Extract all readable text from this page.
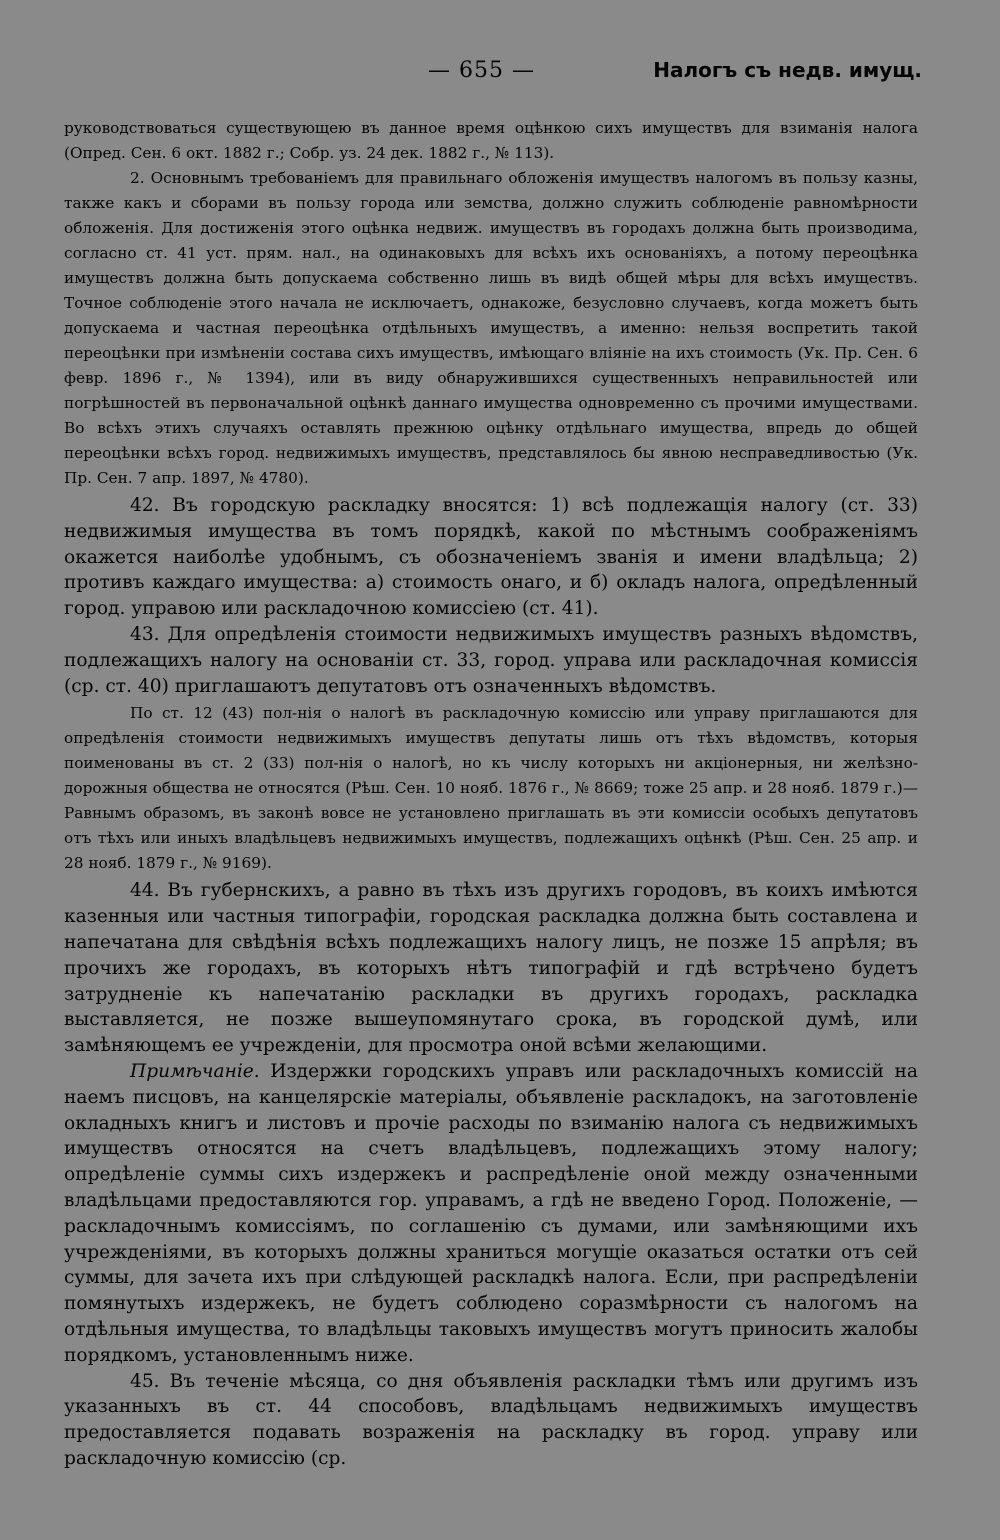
— 655 —	Налогъ съ недв. имущ.

руководствоваться существующею въ данное время оцѣнкою сихъ имуществъ для взиманія налога (Опред. Сен. 6 окт. 1882 г.; Собр. уз. 24 дек. 1882 г., № 113).

2. Основнымъ требованіемъ для правильнаго обложенія имуществъ налогомъ въ пользу казны, также какъ и сборами въ пользу города или земства, должно служить соблюденіе равномѣрности обложенія. Для достиженія этого оцѣнка недвиж. имуществъ въ городахъ должна быть производима, согласно ст. 41 уст. прям. нал., на одинаковыхъ для всѣхъ ихъ основаніяхъ, а потому переоцѣнка имуществъ должна быть допускаема собственно лишь въ видѣ общей мѣры для всѣхъ имуществъ. Точное соблюденіе этого начала не исключаетъ, однакоже, безусловно случаевъ, когда можетъ быть допускаема и частная переоцѣнка отдѣльныхъ имуществъ, а именно: нельзя воспретить такой переоцѣнки при измѣненіи состава сихъ имуществъ, имѣющаго вліяніе на ихъ стоимость (Ук. Пр. Сен. 6 февр. 1896 г., № 1394), или въ виду обнаружившихся существенныхъ неправильностей или погрѣшностей въ первоначальной оцѣнкѣ даннаго имущества одновременно съ прочими имуществами. Во всѣхъ этихъ случаяхъ оставлять прежнюю оцѣнку отдѣльнаго имущества, впредь до общей переоцѣнки всѣхъ город. недвижимыхъ имуществъ, представлялось бы явною несправедливостью (Ук. Пр. Сен. 7 апр. 1897, № 4780).

42. Въ городскую раскладку вносятся: 1) всѣ подлежащія налогу (ст. 33) недвижимыя имущества въ томъ порядкѣ, какой по мѣстнымъ соображеніямъ окажется наиболѣе удобнымъ, съ обозначеніемъ званія и имени владѣльца; 2) противъ каждаго имущества: а) стоимость онаго, и б) окладъ налога, опредѣленный город. управою или раскладочною комиссіею (ст. 41).

43. Для опредѣленія стоимости недвижимыхъ имуществъ разныхъ вѣдомствъ, подлежащихъ налогу на основаніи ст. 33, город. управа или раскладочная комиссія (ср. ст. 40) приглашаютъ депутатовъ отъ означенныхъ вѣдомствъ.

По ст. 12 (43) пол-нія о налогѣ въ раскладочную комиссію или управу приглашаются для опредѣленія стоимости недвижимыхъ имуществъ депутаты лишь отъ тѣхъ вѣдомствъ, которыя поименованы въ ст. 2 (33) пол-нія о налогѣ, но къ числу которыхъ ни акціонерныя, ни желѣзно-дорожныя общества не относятся (Рѣш. Сен. 10 нояб. 1876 г., № 8669; тоже 25 апр. и 28 нояб. 1879 г.)—Равнымъ образомъ, въ законѣ вовсе не установлено приглашать въ эти комиссіи особыхъ депутатовъ отъ тѣхъ или иныхъ владѣльцевъ недвижимыхъ имуществъ, подлежащихъ оцѣнкѣ (Рѣш. Сен. 25 апр. и 28 нояб. 1879 г., № 9169).

44. Въ губернскихъ, а равно въ тѣхъ изъ другихъ городовъ, въ коихъ имѣются казенныя или частныя типографіи, городская раскладка должна быть составлена и напечатана для свѣдѣнія всѣхъ подлежащихъ налогу лицъ, не позже 15 апрѣля; въ прочихъ же городахъ, въ которыхъ нѣтъ типографій и гдѣ встрѣчено будетъ затрудненіе къ напечатанію раскладки въ другихъ городахъ, раскладка выставляется, не позже вышеупомянутаго срока, въ городской думѣ, или замѣняющемъ ее учрежденіи, для просмотра оной всѣми желающими.

Примѣчаніе. Издержки городскихъ управъ или раскладочныхъ комиссій на наемъ писцовъ, на канцелярскіе матеріалы, объявленіе раскладокъ, на заготовленіе окладныхъ книгъ и листовъ и прочіе расходы по взиманію налога съ недвижимыхъ имуществъ относятся на счетъ владѣльцевъ, подлежащихъ этому налогу; опредѣленіе суммы сихъ издержекъ и распредѣленіе оной между означенными владѣльцами предоставляются гор. управамъ, а гдѣ не введено Город. Положеніе, — раскладочнымъ комиссіямъ, по соглашенію съ думами, или замѣняющими ихъ учрежденіями, въ которыхъ должны храниться могущіе оказаться остатки отъ сей суммы, для зачета ихъ при слѣдующей раскладкѣ налога. Если, при распредѣленіи помянутыхъ издержекъ, не будетъ соблюдено соразмѣрности съ налогомъ на отдѣльныя имущества, то владѣльцы таковыхъ имуществъ могутъ приносить жалобы порядкомъ, установленнымъ ниже.

45. Въ теченіе мѣсяца, со дня объявленія раскладки тѣмъ или другимъ изъ указанныхъ въ ст. 44 способовъ, владѣльцамъ недвижимыхъ имуществъ предоставляется подавать возраженія на раскладку въ город. управу или раскладочную комиссію (ср.
